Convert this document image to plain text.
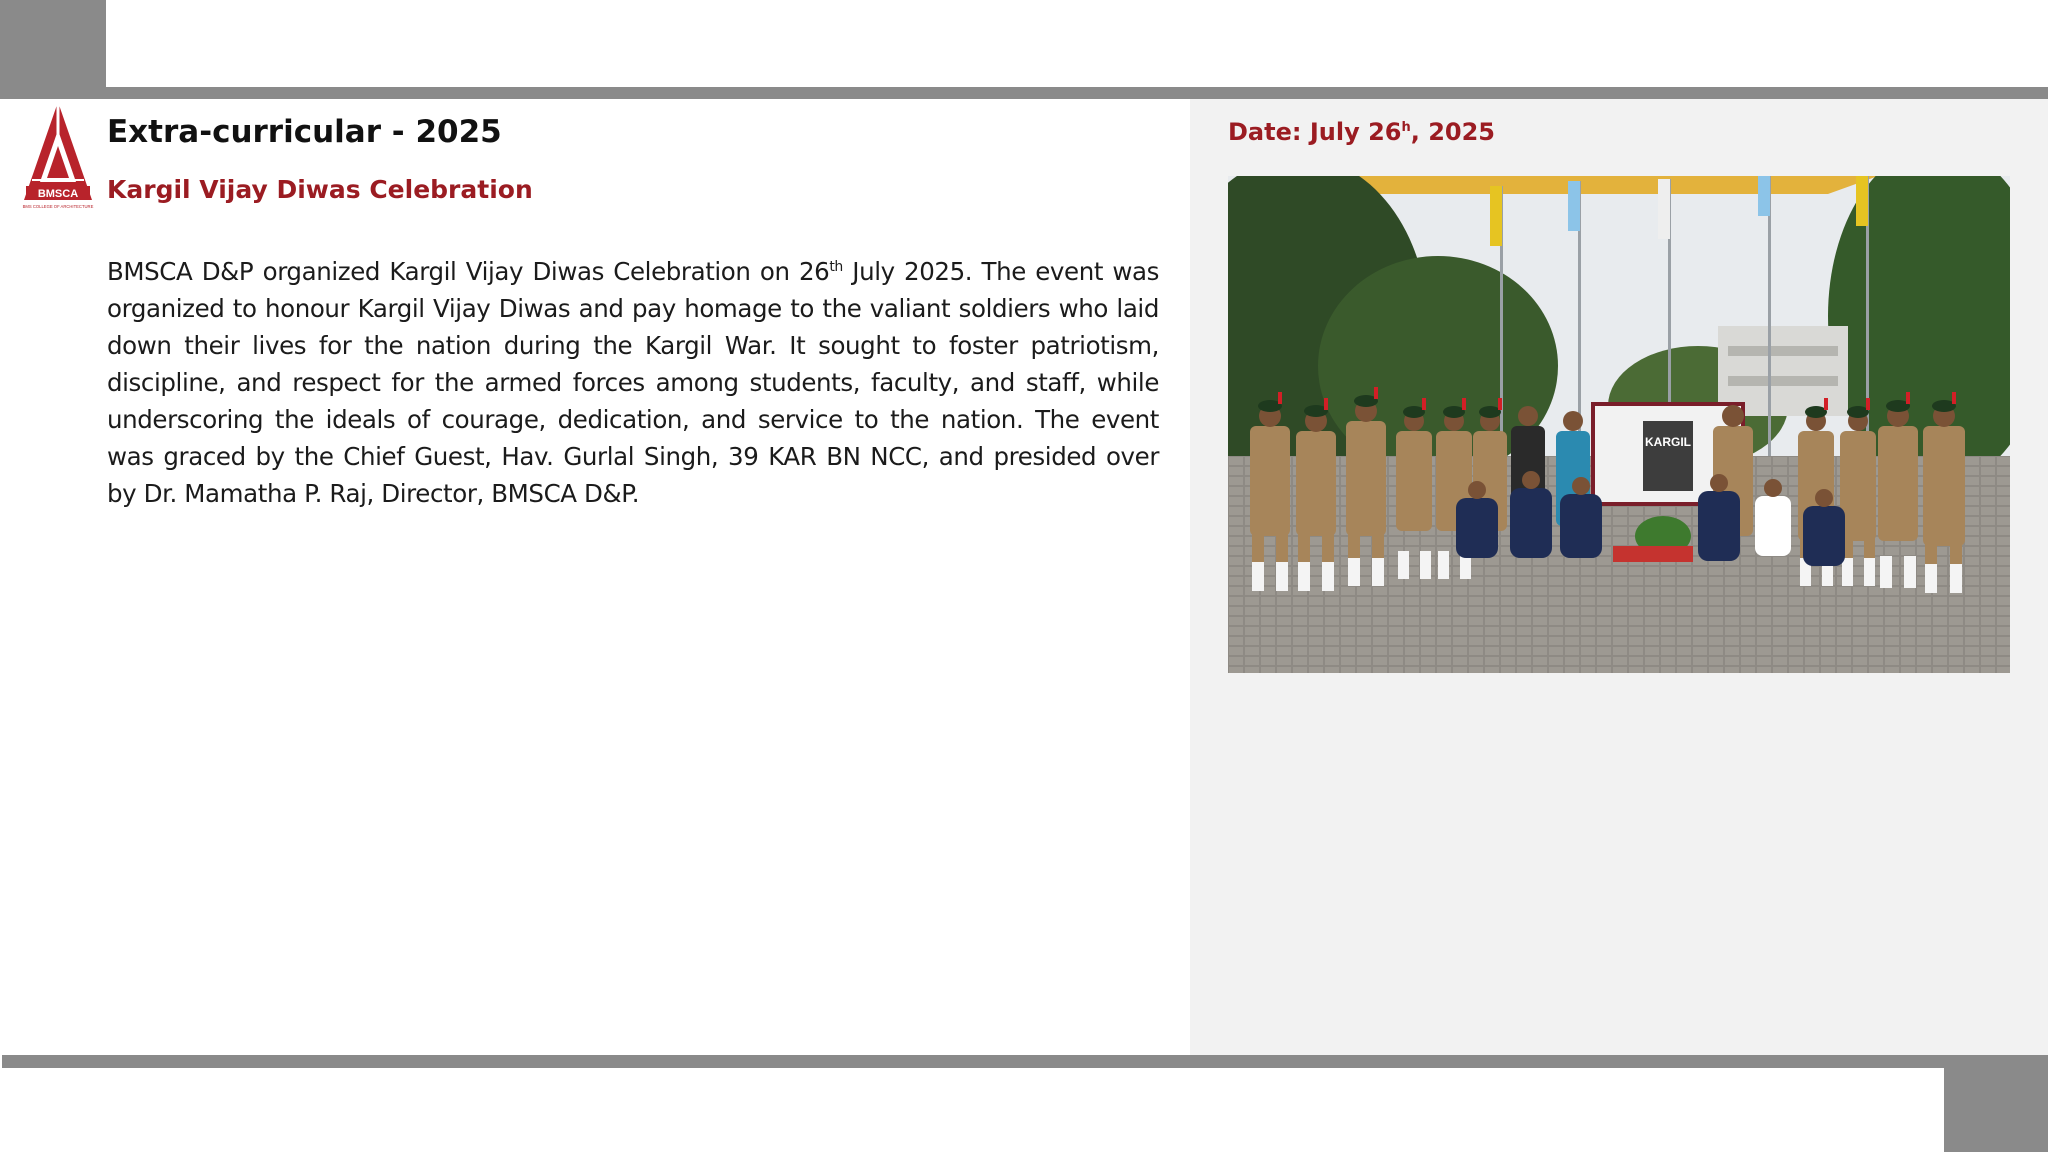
BMSCA
BMS COLLEGE OF ARCHITECTURE
Extra-curricular - 2025
Kargil Vijay Diwas Celebration

BMSCA D&P organized Kargil Vijay Diwas Celebration on 26th July 2025. The event was organized to honour Kargil Vijay Diwas and pay homage to the valiant soldiers who laid down their lives for the nation during the Kargil War. It sought to foster patriotism, discipline, and respect for the armed forces among students, faculty, and staff, while underscoring the ideals of courage, dedication, and service to the nation. The event was graced by the Chief Guest, Hav. Gurlal Singh, 39 KAR BN NCC, and presided over by Dr. Mamatha P. Raj, Director, BMSCA D&P.

Date: July 26$^h$, 2025

KARGIL
